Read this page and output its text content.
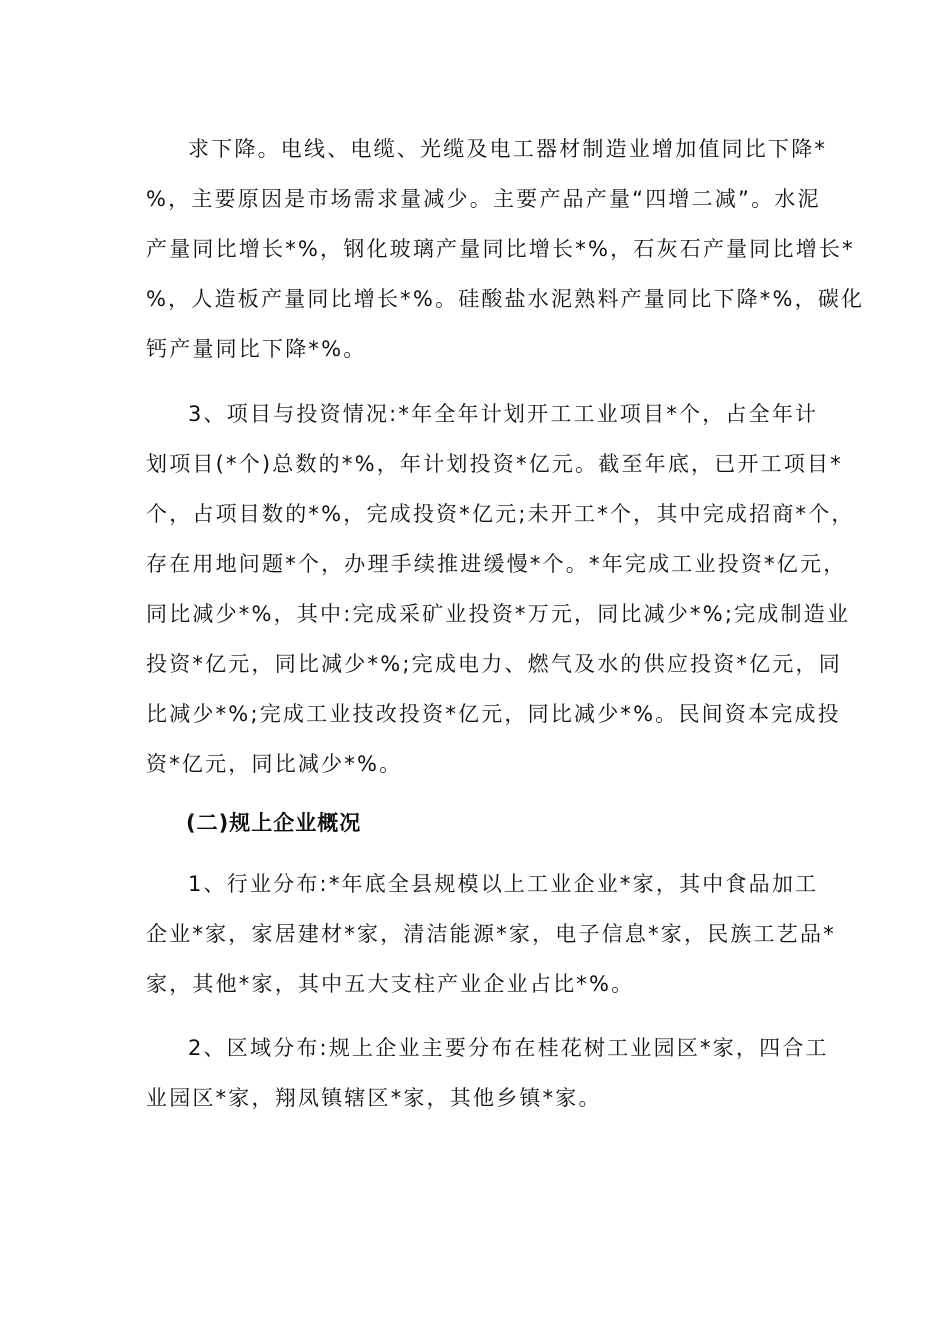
求下降。电线、电缆、光缆及电工器材制造业增加值同比下降*
%，主要原因是市场需求量减少。主要产品产量“四增二减”。水泥
产量同比增长*%，钢化玻璃产量同比增长*%，石灰石产量同比增长*
%，人造板产量同比增长*%。硅酸盐水泥熟料产量同比下降*%，碳化
钙产量同比下降*%。
3、项目与投资情况:*年全年计划开工工业项目*个，占全年计
划项目(*个)总数的*%，年计划投资*亿元。截至年底，已开工项目*
个，占项目数的*%，完成投资*亿元;未开工*个，其中完成招商*个，
存在用地问题*个，办理手续推进缓慢*个。*年完成工业投资*亿元，
同比减少*%，其中:完成采矿业投资*万元，同比减少*%;完成制造业
投资*亿元，同比减少*%;完成电力、燃气及水的供应投资*亿元，同
比减少*%;完成工业技改投资*亿元，同比减少*%。民间资本完成投
资*亿元，同比减少*%。
(二)规上企业概况
1、行业分布:*年底全县规模以上工业企业*家，其中食品加工
企业*家，家居建材*家，清洁能源*家，电子信息*家，民族工艺品*
家，其他*家，其中五大支柱产业企业占比*%。
2、区域分布:规上企业主要分布在桂花树工业园区*家，四合工
业园区*家，翔凤镇辖区*家，其他乡镇*家。
